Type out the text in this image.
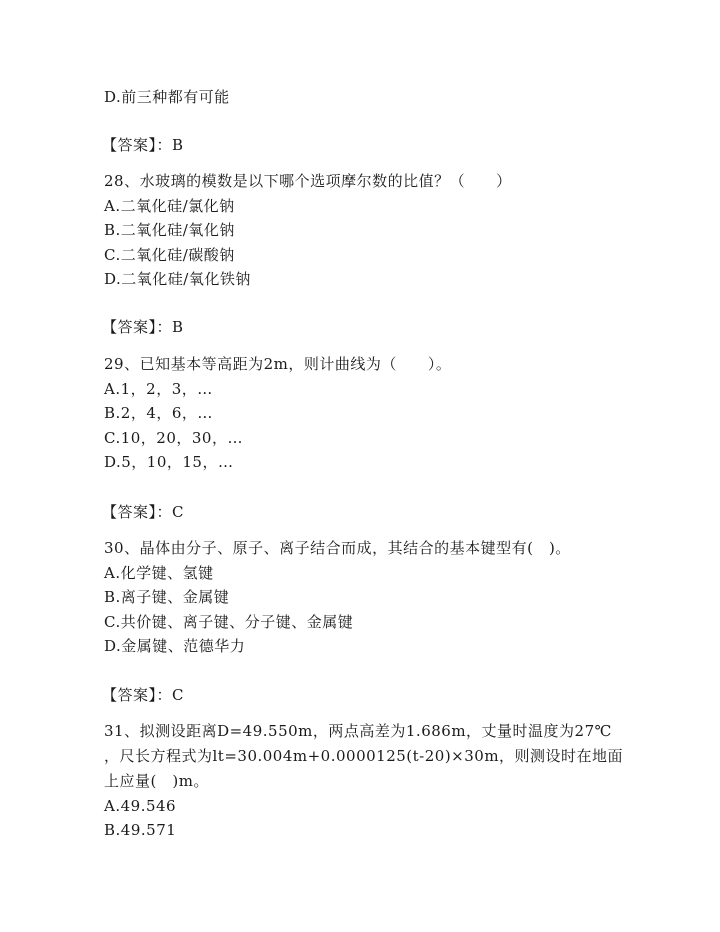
D.前三种都有可能
【答案】：B
28、水玻璃的模数是以下哪个选项摩尔数的比值？（　　）
A.二氧化硅/氯化钠
B.二氧化硅/氧化钠
C.二氧化硅/碳酸钠
D.二氧化硅/氧化铁钠
【答案】：B
29、已知基本等高距为2m，则计曲线为（　　）。
A.1，2，3，…
B.2，4，6，…
C.10，20，30，…
D.5，10，15，…
【答案】：C
30、晶体由分子、原子、离子结合而成，其结合的基本键型有(　)。
A.化学键、氢键
B.离子键、金属键
C.共价键、离子键、分子键、金属键
D.金属键、范德华力
【答案】：C
31、拟测设距离D=49.550m，两点高差为1.686m，丈量时温度为27℃
，尺长方程式为lt=30.004m+0.0000125(t-20)×30m，则测设时在地面
上应量(　)m。
A.49.546
B.49.571
